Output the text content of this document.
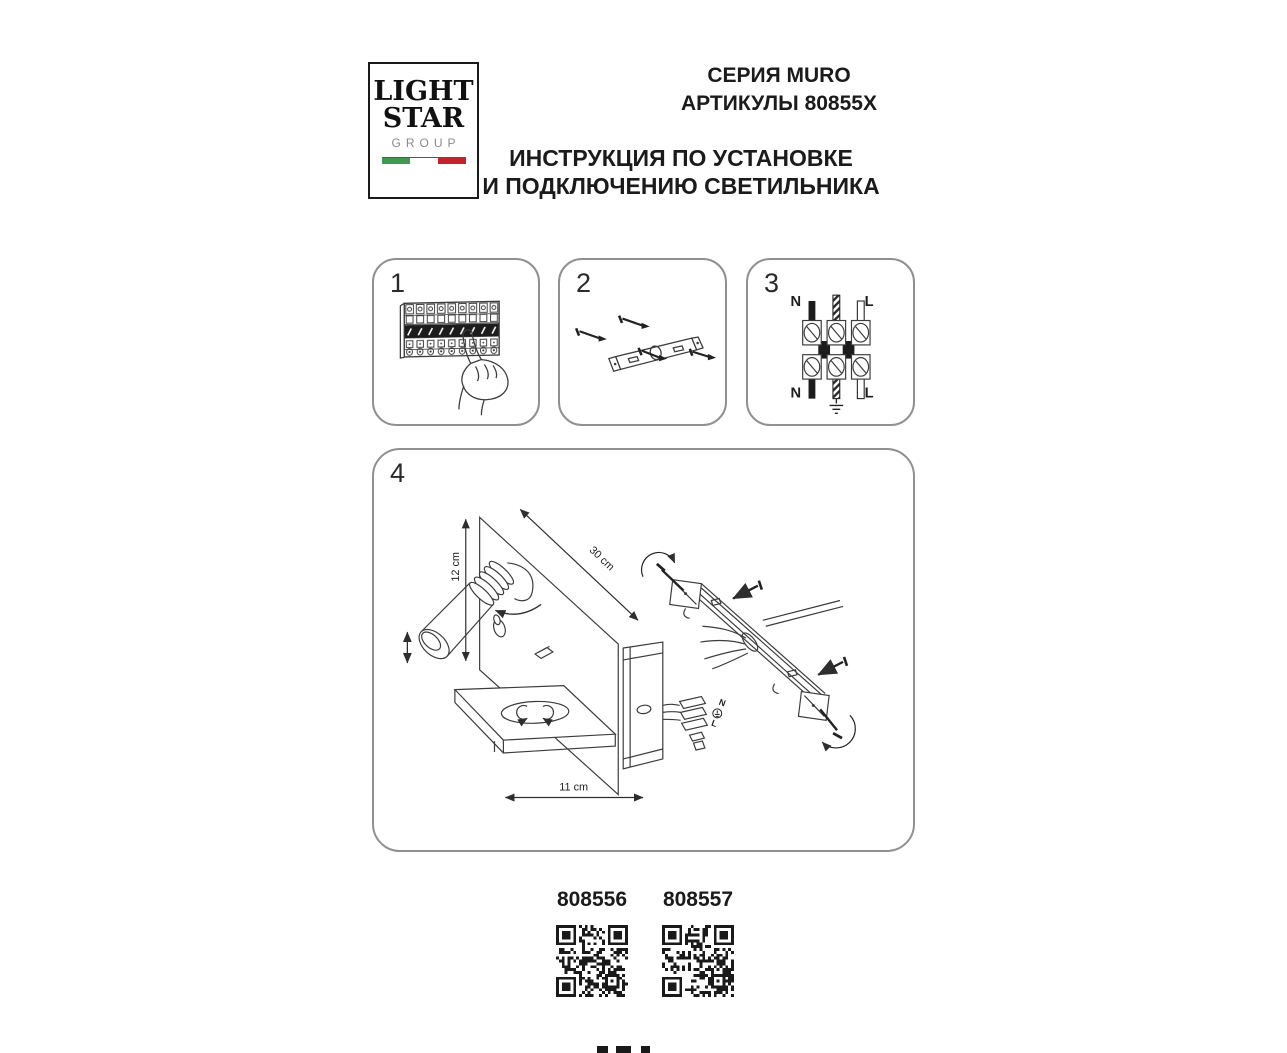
LIGHT
STAR
GROUP
СЕРИЯ MURO
АРТИКУЛЫ 80855X
ИНСТРУКЦИЯ ПО УСТАНОВКЕ
И ПОДКЛЮЧЕНИЮ СВЕТИЛЬНИКА
1	2	3
N	L
N	L
4
30 cm
12 cm
11 cm
N
L
808556 808557
